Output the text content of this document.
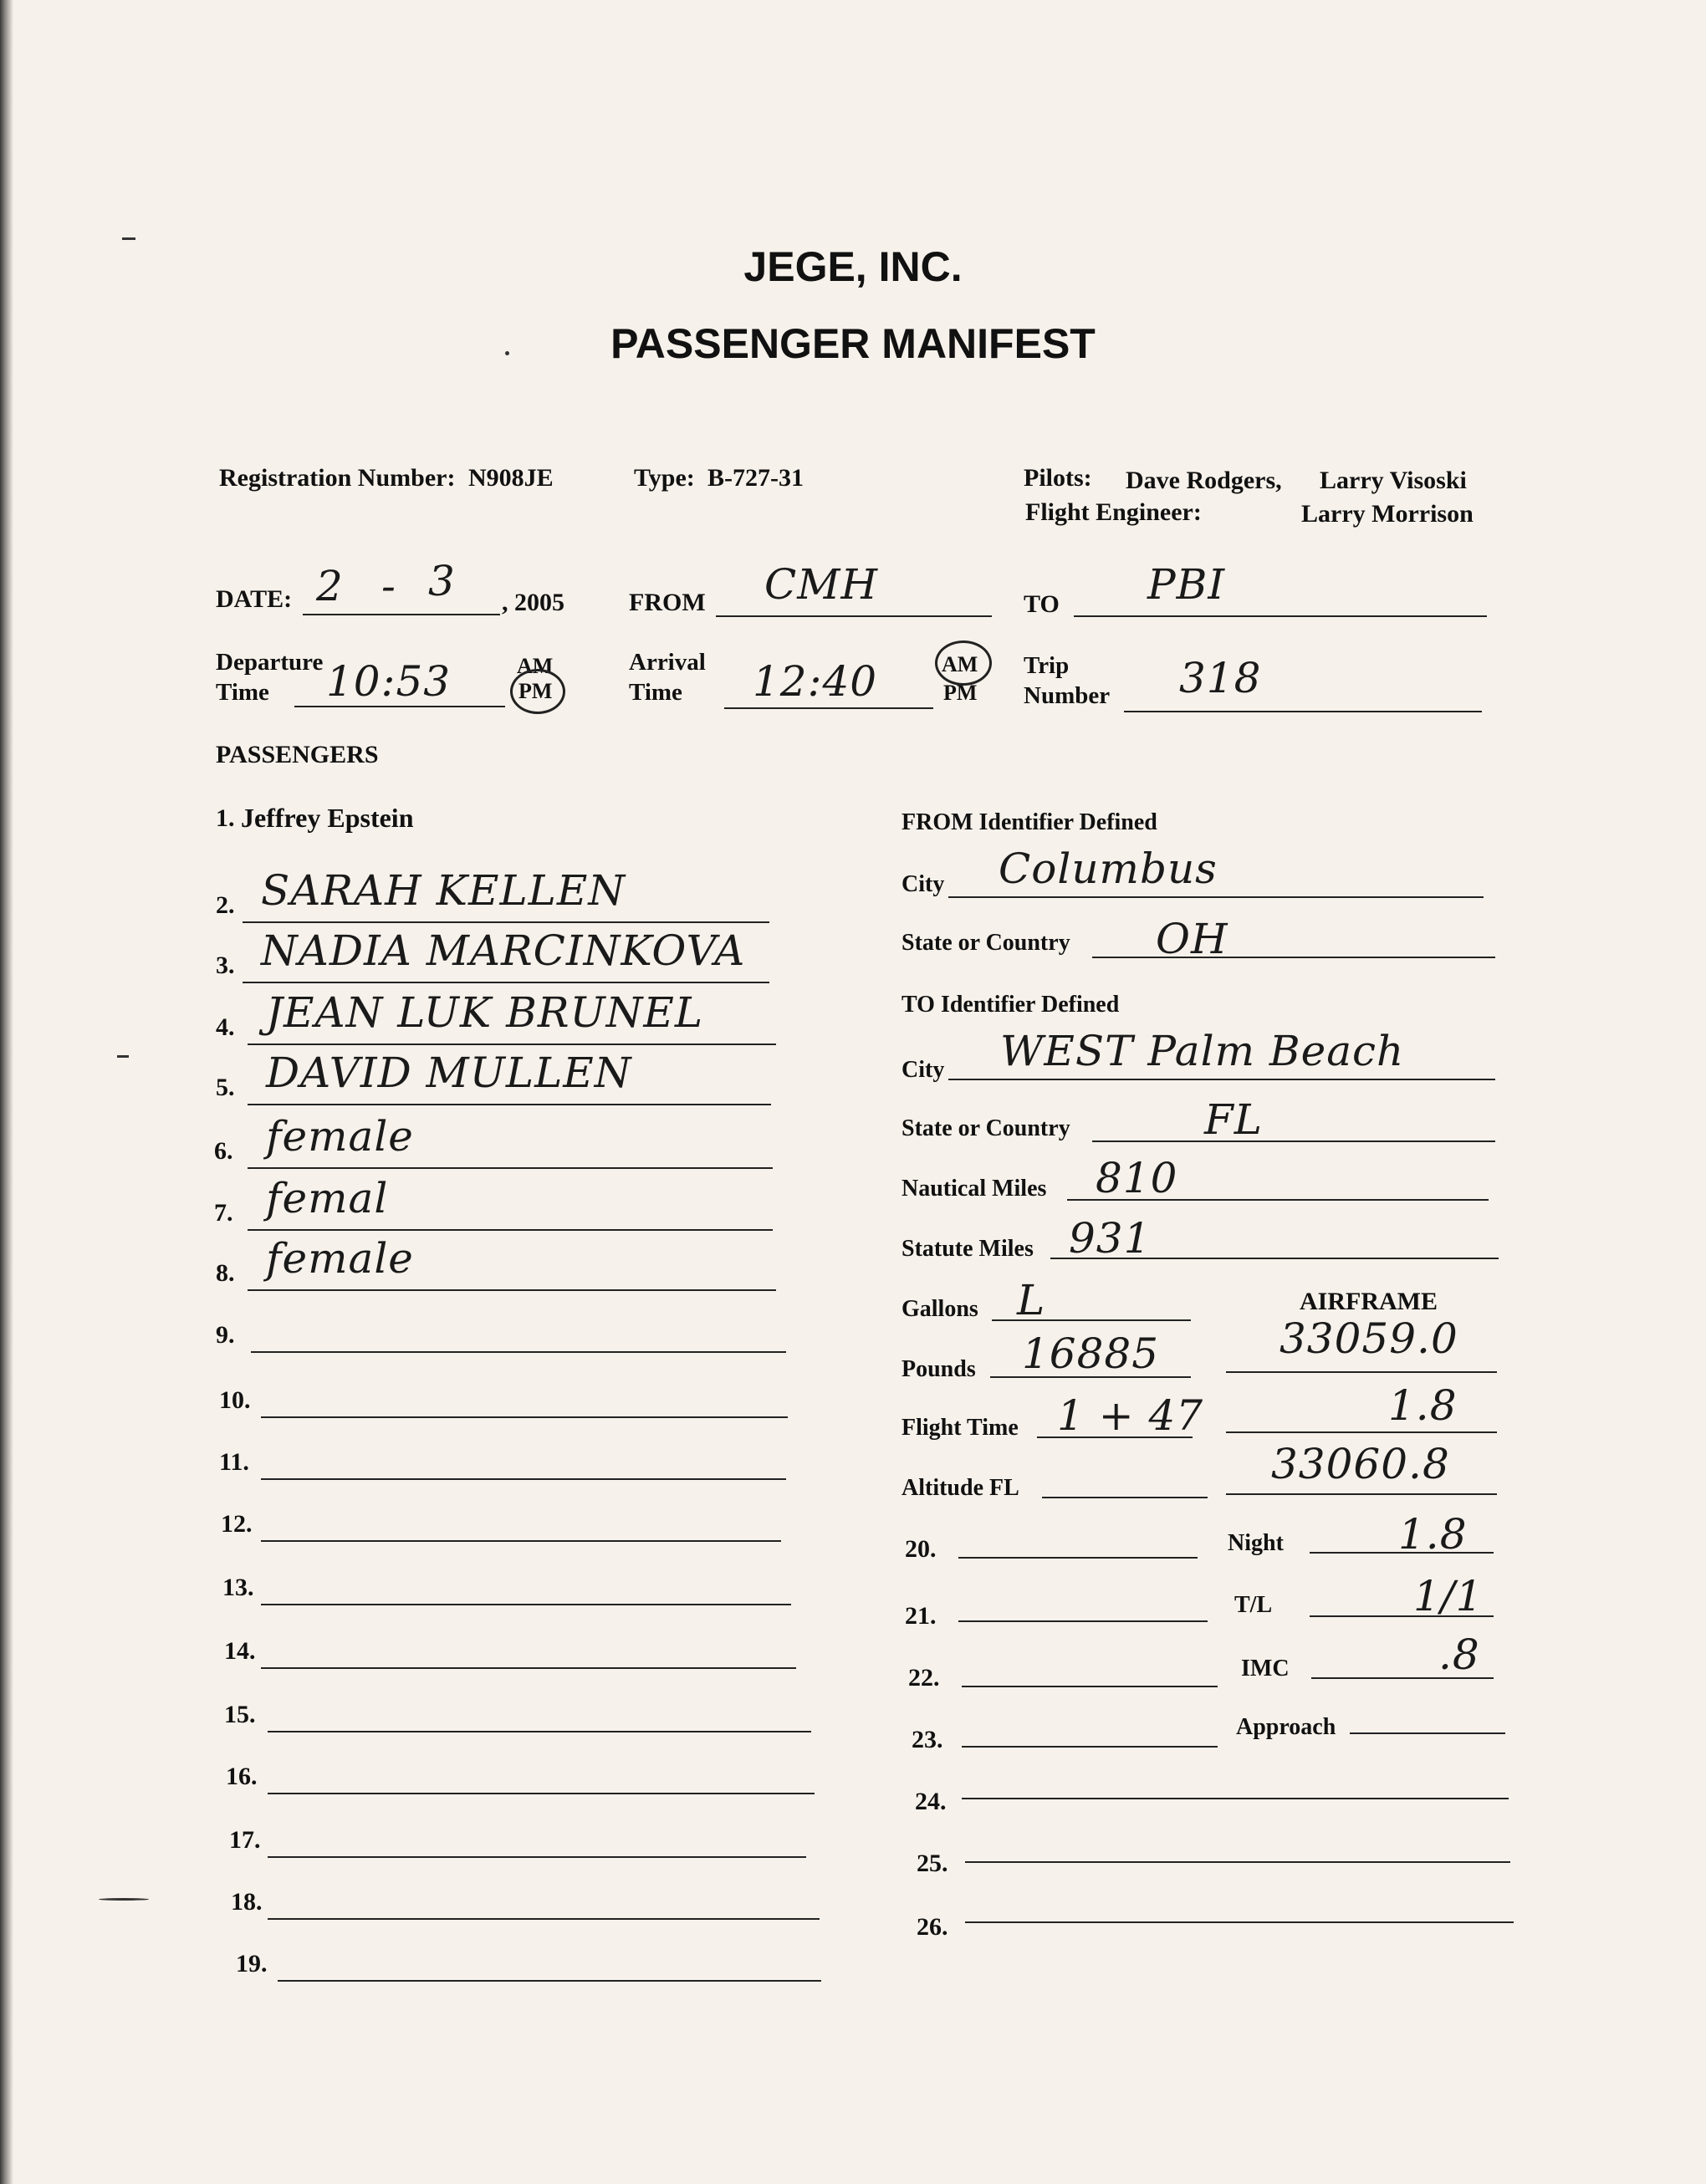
JEGE, INC.
PASSENGER MANIFEST
Registration Number: N908JE	Type: B-727-31	Pilots: Dave Rodgers, Larry Visoski
Flight Engineer:	Larry Morrison
DATE: 2 - 3 , 2005	FROM CMH	TO PBI
Departure
Time 10:53	AM
PM
Arrival
Time 12:40	AM
PM
Trip
Number 318
PASSENGERS
1. Jeffrey Epstein
2. SARAH KELLEN
3. NADIA MARCINKOVA
4. JEAN LUK BRUNEL
5. DAVID MULLEN
6. female
7. femal
8. female
9.
10.
11.
12.
13.
14.
15.
16.
17.
18.
19.
FROM Identifier Defined
City Columbus
State or Country OH
TO Identifier Defined
City WEST Palm Beach
State or Country	FL
Nautical Miles 810
Statute Miles 931
Gallons L	AIRFRAME
Pounds 16885	33059.0
Flight Time 1 + 47	1.8
Altitude FL	33060.8
20.	Night	1.8
21.	T/L	1/1
22.	IMC	.8
23.	Approach
24.
25.
26.
